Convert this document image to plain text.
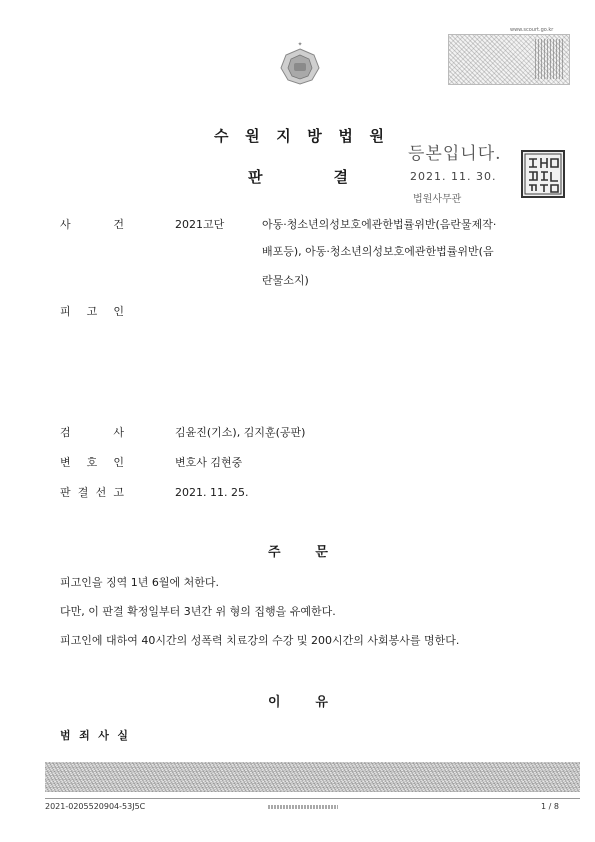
✦
www.scourt.go.kr
수 원 지 방 법 원
판 결
등본입니다.
2021. 11. 30.
법원사무관
사 건	2021고단	아동·청소년의성보호에관한법률위반(음란물제작·
배포등), 아동·청소년의성보호에관한법률위반(음
란물소지)
피 고 인
검 사	김윤진(기소), 김지훈(공판)
변 호 인	변호사 김현중
판 결 선 고	2021. 11. 25.
주 문
피고인을 징역 1년 6월에 처한다.
다만, 이 판결 확정일부터 3년간 위 형의 집행을 유예한다.
피고인에 대하여 40시간의 성폭력 치료강의 수강 및 200시간의 사회봉사를 명한다.
이 유
범 죄 사 실
2021-0205520904-53J5C	1 / 8
